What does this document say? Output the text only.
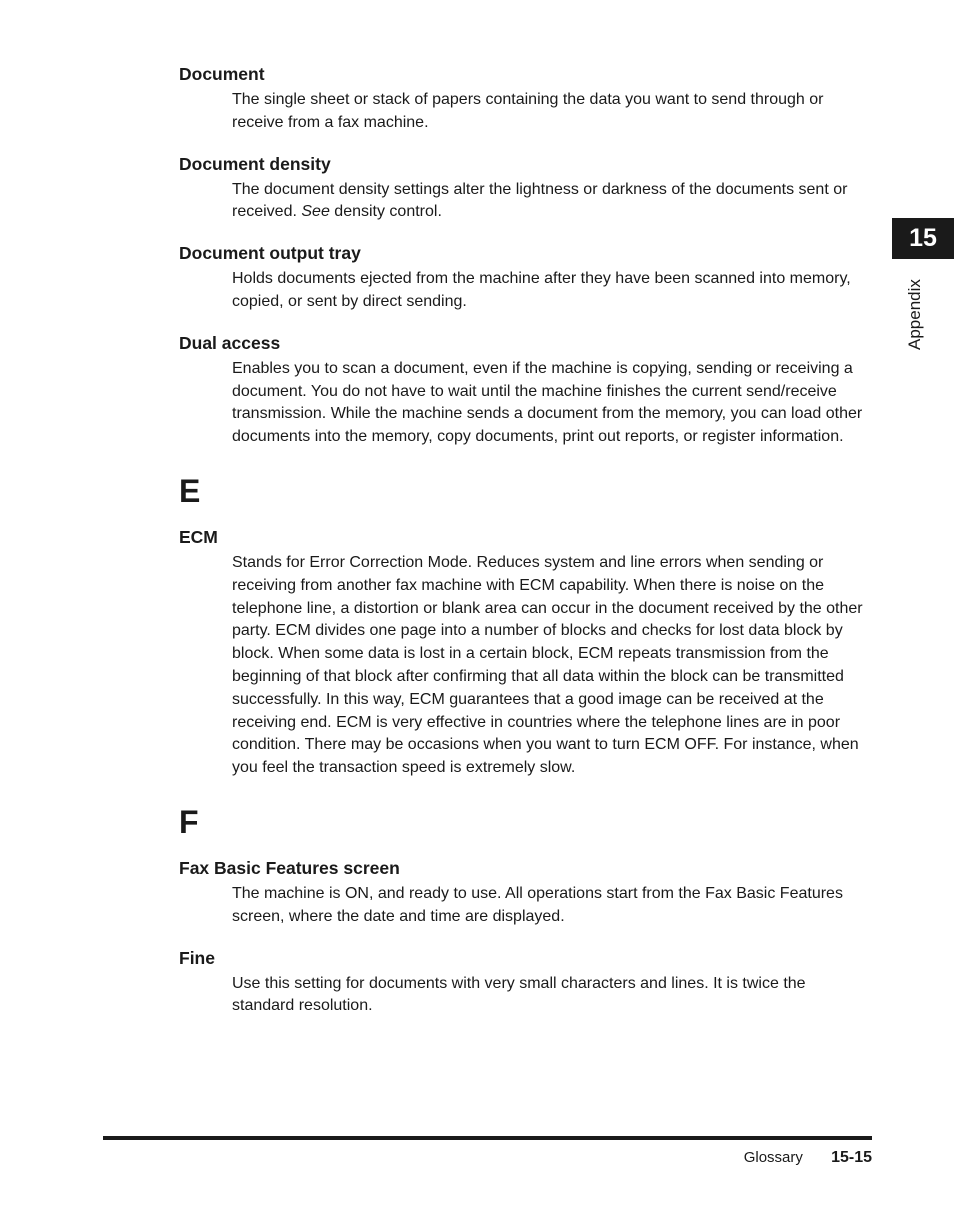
Document

The single sheet or stack of papers containing the data you want to send through or receive from a fax machine.

Document density

The document density settings alter the lightness or darkness of the documents sent or received. See density control.

Document output tray

Holds documents ejected from the machine after they have been scanned into memory, copied, or sent by direct sending.

Dual access

Enables you to scan a document, even if the machine is copying, sending or receiving a document. You do not have to wait until the machine finishes the current send/receive transmission. While the machine sends a document from the memory, you can load other documents into the memory, copy documents, print out reports, or register information.

E

ECM

Stands for Error Correction Mode. Reduces system and line errors when sending or receiving from another fax machine with ECM capability. When there is noise on the telephone line, a distortion or blank area can occur in the document received by the other party. ECM divides one page into a number of blocks and checks for lost data block by block. When some data is lost in a certain block, ECM repeats transmission from the beginning of that block after confirming that all data within the block can be transmitted successfully. In this way, ECM guarantees that a good image can be received at the receiving end. ECM is very effective in countries where the telephone lines are in poor condition. There may be occasions when you want to turn ECM OFF. For instance, when you feel the transaction speed is extremely slow.

F

Fax Basic Features screen

The machine is ON, and ready to use. All operations start from the Fax Basic Features screen, where the date and time are displayed.

Fine

Use this setting for documents with very small characters and lines. It is twice the standard resolution.

15
Appendix
Glossary 15-15
